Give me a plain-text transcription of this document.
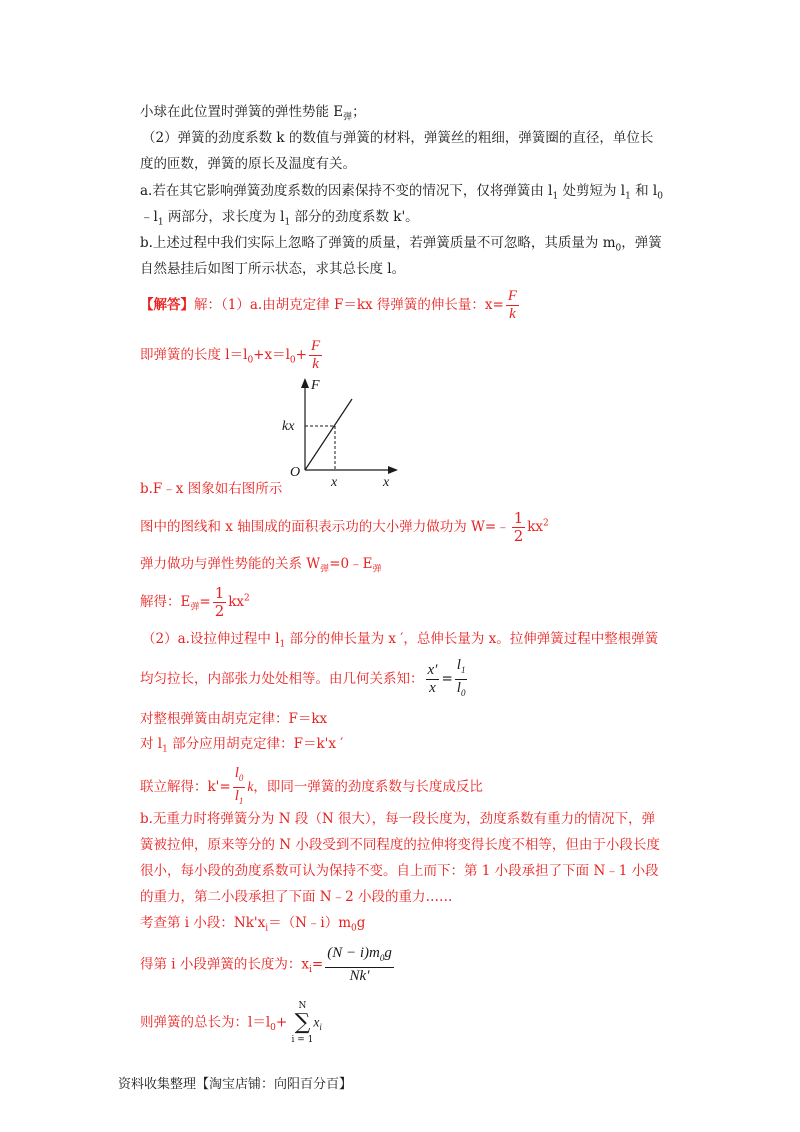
小球在此位置时弹簧的弹性势能 $E_弹$；
（2）弹簧的劲度系数 k 的数值与弹簧的材料，弹簧丝的粗细，弹簧圈的直径，单位长
度的匝数，弹簧的原长及温度有关。
a.若在其它影响弹簧劲度系数的因素保持不变的情况下，仅将弹簧由 $l_1$ 处剪短为 $l_1$ 和 $l_0$
$﹣l_1$ 两部分，求长度为 $l_1$ 部分的劲度系数 k'。
b.上述过程中我们实际上忽略了弹簧的质量，若弹簧质量不可忽略，其质量为 $m_0$，弹簧
自然悬挂后如图丁所示状态，求其总长度 l。
【解答】解：（1）a.由胡克定律 F＝kx 得弹簧的伸长量：$x= \frac{F}{k}$
即弹簧的长度 $l=l_0+x=l_0+ \frac{F}{k}$
F
kx
O
x	x
b.F﹣x 图象如右图所示
图中的图线和 x 轴围成的面积表示功的大小弹力做功为 W=﹣ $\frac{1}{2} kx^2$
弹力做功与弹性势能的关系 $W_弹=0﹣E_弹$
解得：$E_弹= \frac{1}{2} kx^2$
（2）a.设拉伸过程中 $l_1$ 部分的伸长量为 x ′，总伸长量为 x。拉伸弹簧过程中整根弹簧
均匀拉长，内部张力处处相等。由几何关系知： $\frac{x'}{x} = \frac{l_1}{l_0}$
对整根弹簧由胡克定律：F＝kx
对 $l_1$ 部分应用胡克定律：F＝k'x ′
联立解得：$k'= \frac{l_0}{l_1}$ k，即同一弹簧的劲度系数与长度成反比
b.无重力时将弹簧分为 N 段（N 很大），每一段长度为，劲度系数有重力的情况下，弹
簧被拉伸，原来等分的 N 小段受到不同程度的拉伸将变得长度不相等，但由于小段长度
很小，每小段的劲度系数可认为保持不变。自上而下：第 1 小段承担了下面 N﹣1 小段
的重力，第二小段承担了下面 N﹣2 小段的重力……
考查第 i 小段：$Nk'x_i=(N﹣i)m_0g$
得第 i 小段弹簧的长度为：$x_i= \frac{(N - i)m_0g}{Nk'}$
则弹簧的总长为：$l=l_0+$
N
∑
i = 1
$x_i$
资料收集整理【淘宝店铺：向阳百分百】
